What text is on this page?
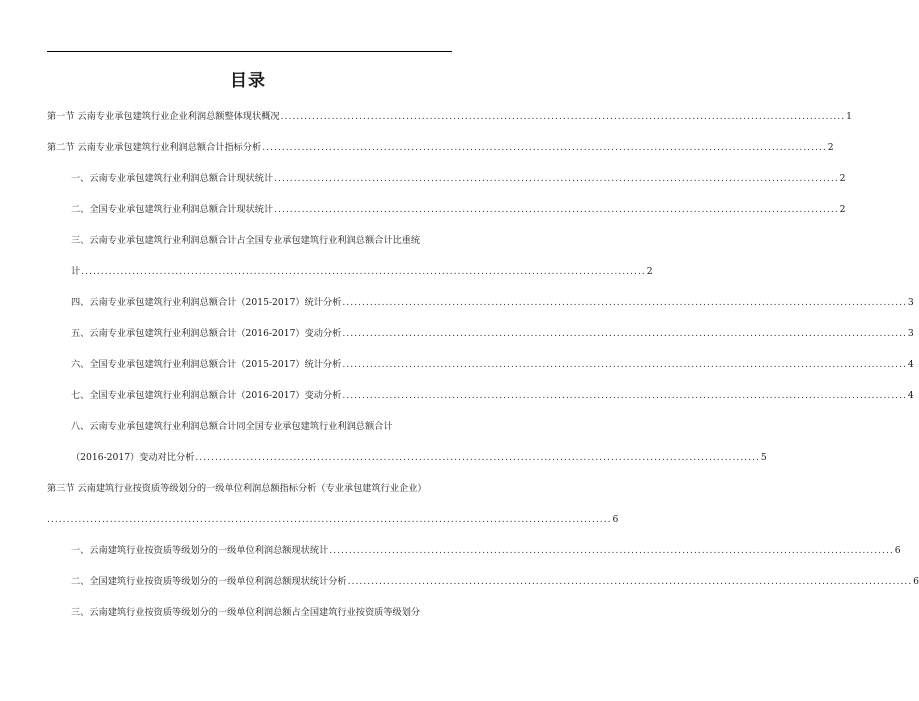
目录
第一节 云南专业承包建筑行业企业利润总额整体现状概况 ................................................................................................................................................ 1
第二节 云南专业承包建筑行业利润总额合计指标分析 ................................................................................................................................................ 2
一、云南专业承包建筑行业利润总额合计现状统计 ................................................................................................................................................ 2
二、全国专业承包建筑行业利润总额合计现状统计 ................................................................................................................................................ 2
三、云南专业承包建筑行业利润总额合计占全国专业承包建筑行业利润总额合计比重统
计 ................................................................................................................................................ 2
四、云南专业承包建筑行业利润总额合计（2015-2017）统计分析 ................................................................................................................................................ 3
五、云南专业承包建筑行业利润总额合计（2016-2017）变动分析 ................................................................................................................................................ 3
六、全国专业承包建筑行业利润总额合计（2015-2017）统计分析 ................................................................................................................................................ 4
七、全国专业承包建筑行业利润总额合计（2016-2017）变动分析 ................................................................................................................................................ 4
八、云南专业承包建筑行业利润总额合计同全国专业承包建筑行业利润总额合计
（2016-2017）变动对比分析 ................................................................................................................................................ 5
第三节 云南建筑行业按资质等级划分的一级单位利润总额指标分析（专业承包建筑行业企业）
................................................................................................................................................ 6
一、云南建筑行业按资质等级划分的一级单位利润总额现状统计 ................................................................................................................................................ 6
二、全国建筑行业按资质等级划分的一级单位利润总额现状统计分析 ................................................................................................................................................ 6
三、云南建筑行业按资质等级划分的一级单位利润总额占全国建筑行业按资质等级划分
